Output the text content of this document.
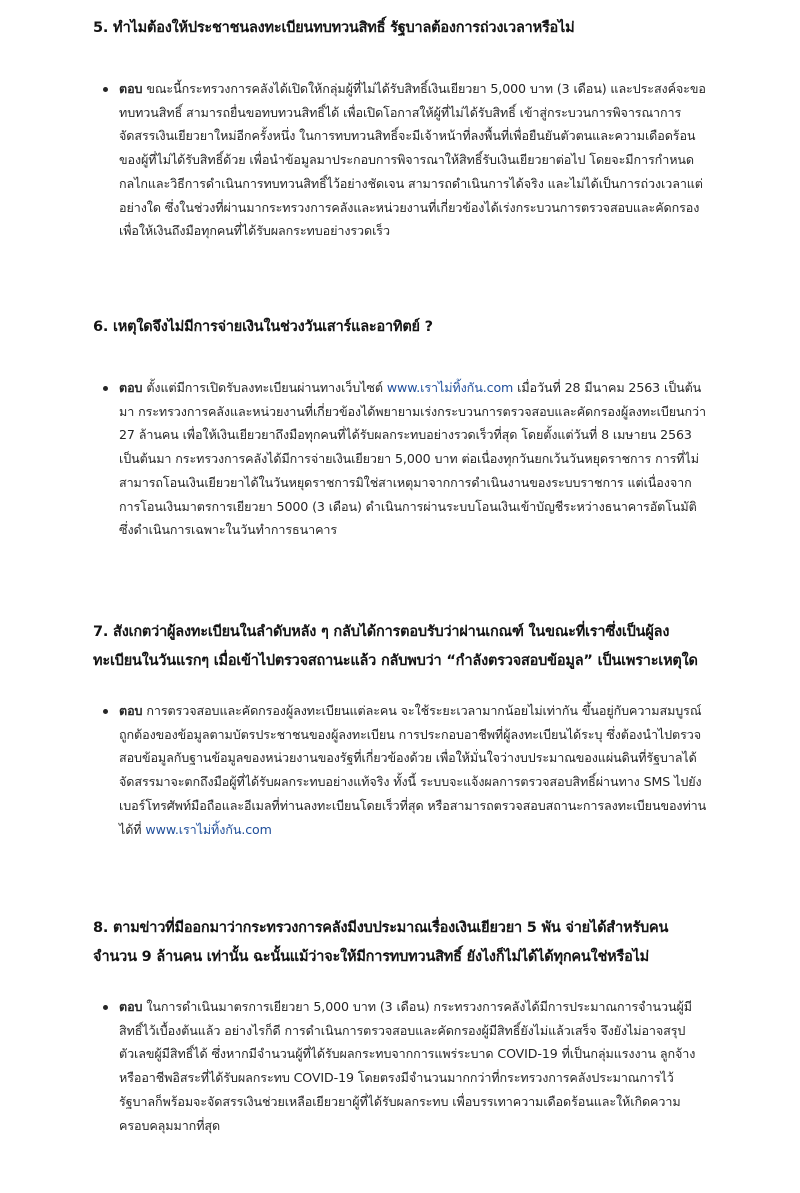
5. ทำไมต้องให้ประชาชนลงทะเบียนทบทวนสิทธิ์ รัฐบาลต้องการถ่วงเวลาหรือไม่

ตอบ ขณะนี้กระทรวงการคลังได้เปิดให้กลุ่มผู้ที่ไม่ได้รับสิทธิ์เงินเยียวยา 5,000 บาท (3 เดือน) และประสงค์จะขอทบทวนสิทธิ์ สามารถยื่นขอทบทวนสิทธิ์ได้ เพื่อเปิดโอกาสให้ผู้ที่ไม่ได้รับสิทธิ์ เข้าสู่กระบวนการพิจารณาการจัดสรรเงินเยียวยาใหม่อีกครั้งหนึ่ง ในการทบทวนสิทธิ์จะมีเจ้าหน้าที่ลงพื้นที่เพื่อยืนยันตัวตนและความเดือดร้อนของผู้ที่ไม่ได้รับสิทธิ์ด้วย เพื่อนำข้อมูลมาประกอบการพิจารณาให้สิทธิ์รับเงินเยียวยาต่อไป โดยจะมีการกำหนดกลไกและวิธีการดำเนินการทบทวนสิทธิ์ไว้อย่างชัดเจน สามารถดำเนินการได้จริง และไม่ได้เป็นการถ่วงเวลาแต่อย่างใด ซึ่งในช่วงที่ผ่านมากระทรวงการคลังและหน่วยงานที่เกี่ยวข้องได้เร่งกระบวนการตรวจสอบและคัดกรอง เพื่อให้เงินถึงมือทุกคนที่ได้รับผลกระทบอย่างรวดเร็ว

6. เหตุใดจึงไม่มีการจ่ายเงินในช่วงวันเสาร์และอาทิตย์ ?

ตอบ ตั้งแต่มีการเปิดรับลงทะเบียนผ่านทางเว็บไซต์ www.เราไม่ทิ้งกัน.com เมื่อวันที่ 28 มีนาคม 2563 เป็นต้นมา กระทรวงการคลังและหน่วยงานที่เกี่ยวข้องได้พยายามเร่งกระบวนการตรวจสอบและคัดกรองผู้ลงทะเบียนกว่า 27 ล้านคน เพื่อให้เงินเยียวยาถึงมือทุกคนที่ได้รับผลกระทบอย่างรวดเร็วที่สุด โดยตั้งแต่วันที่ 8 เมษายน 2563 เป็นต้นมา กระทรวงการคลังได้มีการจ่ายเงินเยียวยา 5,000 บาท ต่อเนื่องทุกวันยกเว้นวันหยุดราชการ การที่ไม่สามารถโอนเงินเยียวยาได้ในวันหยุดราชการมิใช่สาเหตุมาจากการดำเนินงานของระบบราชการ แต่เนื่องจากการโอนเงินมาตรการเยียวยา 5000 (3 เดือน) ดำเนินการผ่านระบบโอนเงินเข้าบัญชีระหว่างธนาคารอัตโนมัติซึ่งดำเนินการเฉพาะในวันทำการธนาคาร

7. สังเกตว่าผู้ลงทะเบียนในลำดับหลัง ๆ กลับได้การตอบรับว่าผ่านเกณฑ์ ในขณะที่เราซึ่งเป็นผู้ลงทะเบียนในวันแรกๆ เมื่อเข้าไปตรวจสถานะแล้ว กลับพบว่า “กำลังตรวจสอบข้อมูล” เป็นเพราะเหตุใด

ตอบ การตรวจสอบและคัดกรองผู้ลงทะเบียนแต่ละคน จะใช้ระยะเวลามากน้อยไม่เท่ากัน ขึ้นอยู่กับความสมบูรณ์ถูกต้องของข้อมูลตามบัตรประชาชนของผู้ลงทะเบียน การประกอบอาชีพที่ผู้ลงทะเบียนได้ระบุ ซึ่งต้องนำไปตรวจสอบข้อมูลกับฐานข้อมูลของหน่วยงานของรัฐที่เกี่ยวข้องด้วย เพื่อให้มั่นใจว่างบประมาณของแผ่นดินที่รัฐบาลได้จัดสรรมาจะตกถึงมือผู้ที่ได้รับผลกระทบอย่างแท้จริง ทั้งนี้ ระบบจะแจ้งผลการตรวจสอบสิทธิ์ผ่านทาง SMS ไปยังเบอร์โทรศัพท์มือถือและอีเมลที่ท่านลงทะเบียนโดยเร็วที่สุด หรือสามารถตรวจสอบสถานะการลงทะเบียนของท่านได้ที่ www.เราไม่ทิ้งกัน.com

8. ตามข่าวที่มีออกมาว่ากระทรวงการคลังมีงบประมาณเรื่องเงินเยียวยา 5 พัน จ่ายได้สำหรับคนจำนวน 9 ล้านคน เท่านั้น ฉะนั้นแม้ว่าจะให้มีการทบทวนสิทธิ์ ยังไงก็ไม่ได้ได้ทุกคนใช่หรือไม่

ตอบ ในการดำเนินมาตรการเยียวยา 5,000 บาท (3 เดือน) กระทรวงการคลังได้มีการประมาณการจำนวนผู้มีสิทธิ์ไว้เบื้องต้นแล้ว อย่างไรก็ดี การดำเนินการตรวจสอบและคัดกรองผู้มีสิทธิ์ยังไม่แล้วเสร็จ จึงยังไม่อาจสรุปตัวเลขผู้มีสิทธิ์ได้ ซึ่งหากมีจำนวนผู้ที่ได้รับผลกระทบจากการแพร่ระบาด COVID-19 ที่เป็นกลุ่มแรงงาน ลูกจ้าง หรืออาชีพอิสระที่ได้รับผลกระทบ COVID-19 โดยตรงมีจำนวนมากกว่าที่กระทรวงการคลังประมาณการไว้ รัฐบาลก็พร้อมจะจัดสรรเงินช่วยเหลือเยียวยาผู้ที่ได้รับผลกระทบ เพื่อบรรเทาความเดือดร้อนและให้เกิดความครอบคลุมมากที่สุด
